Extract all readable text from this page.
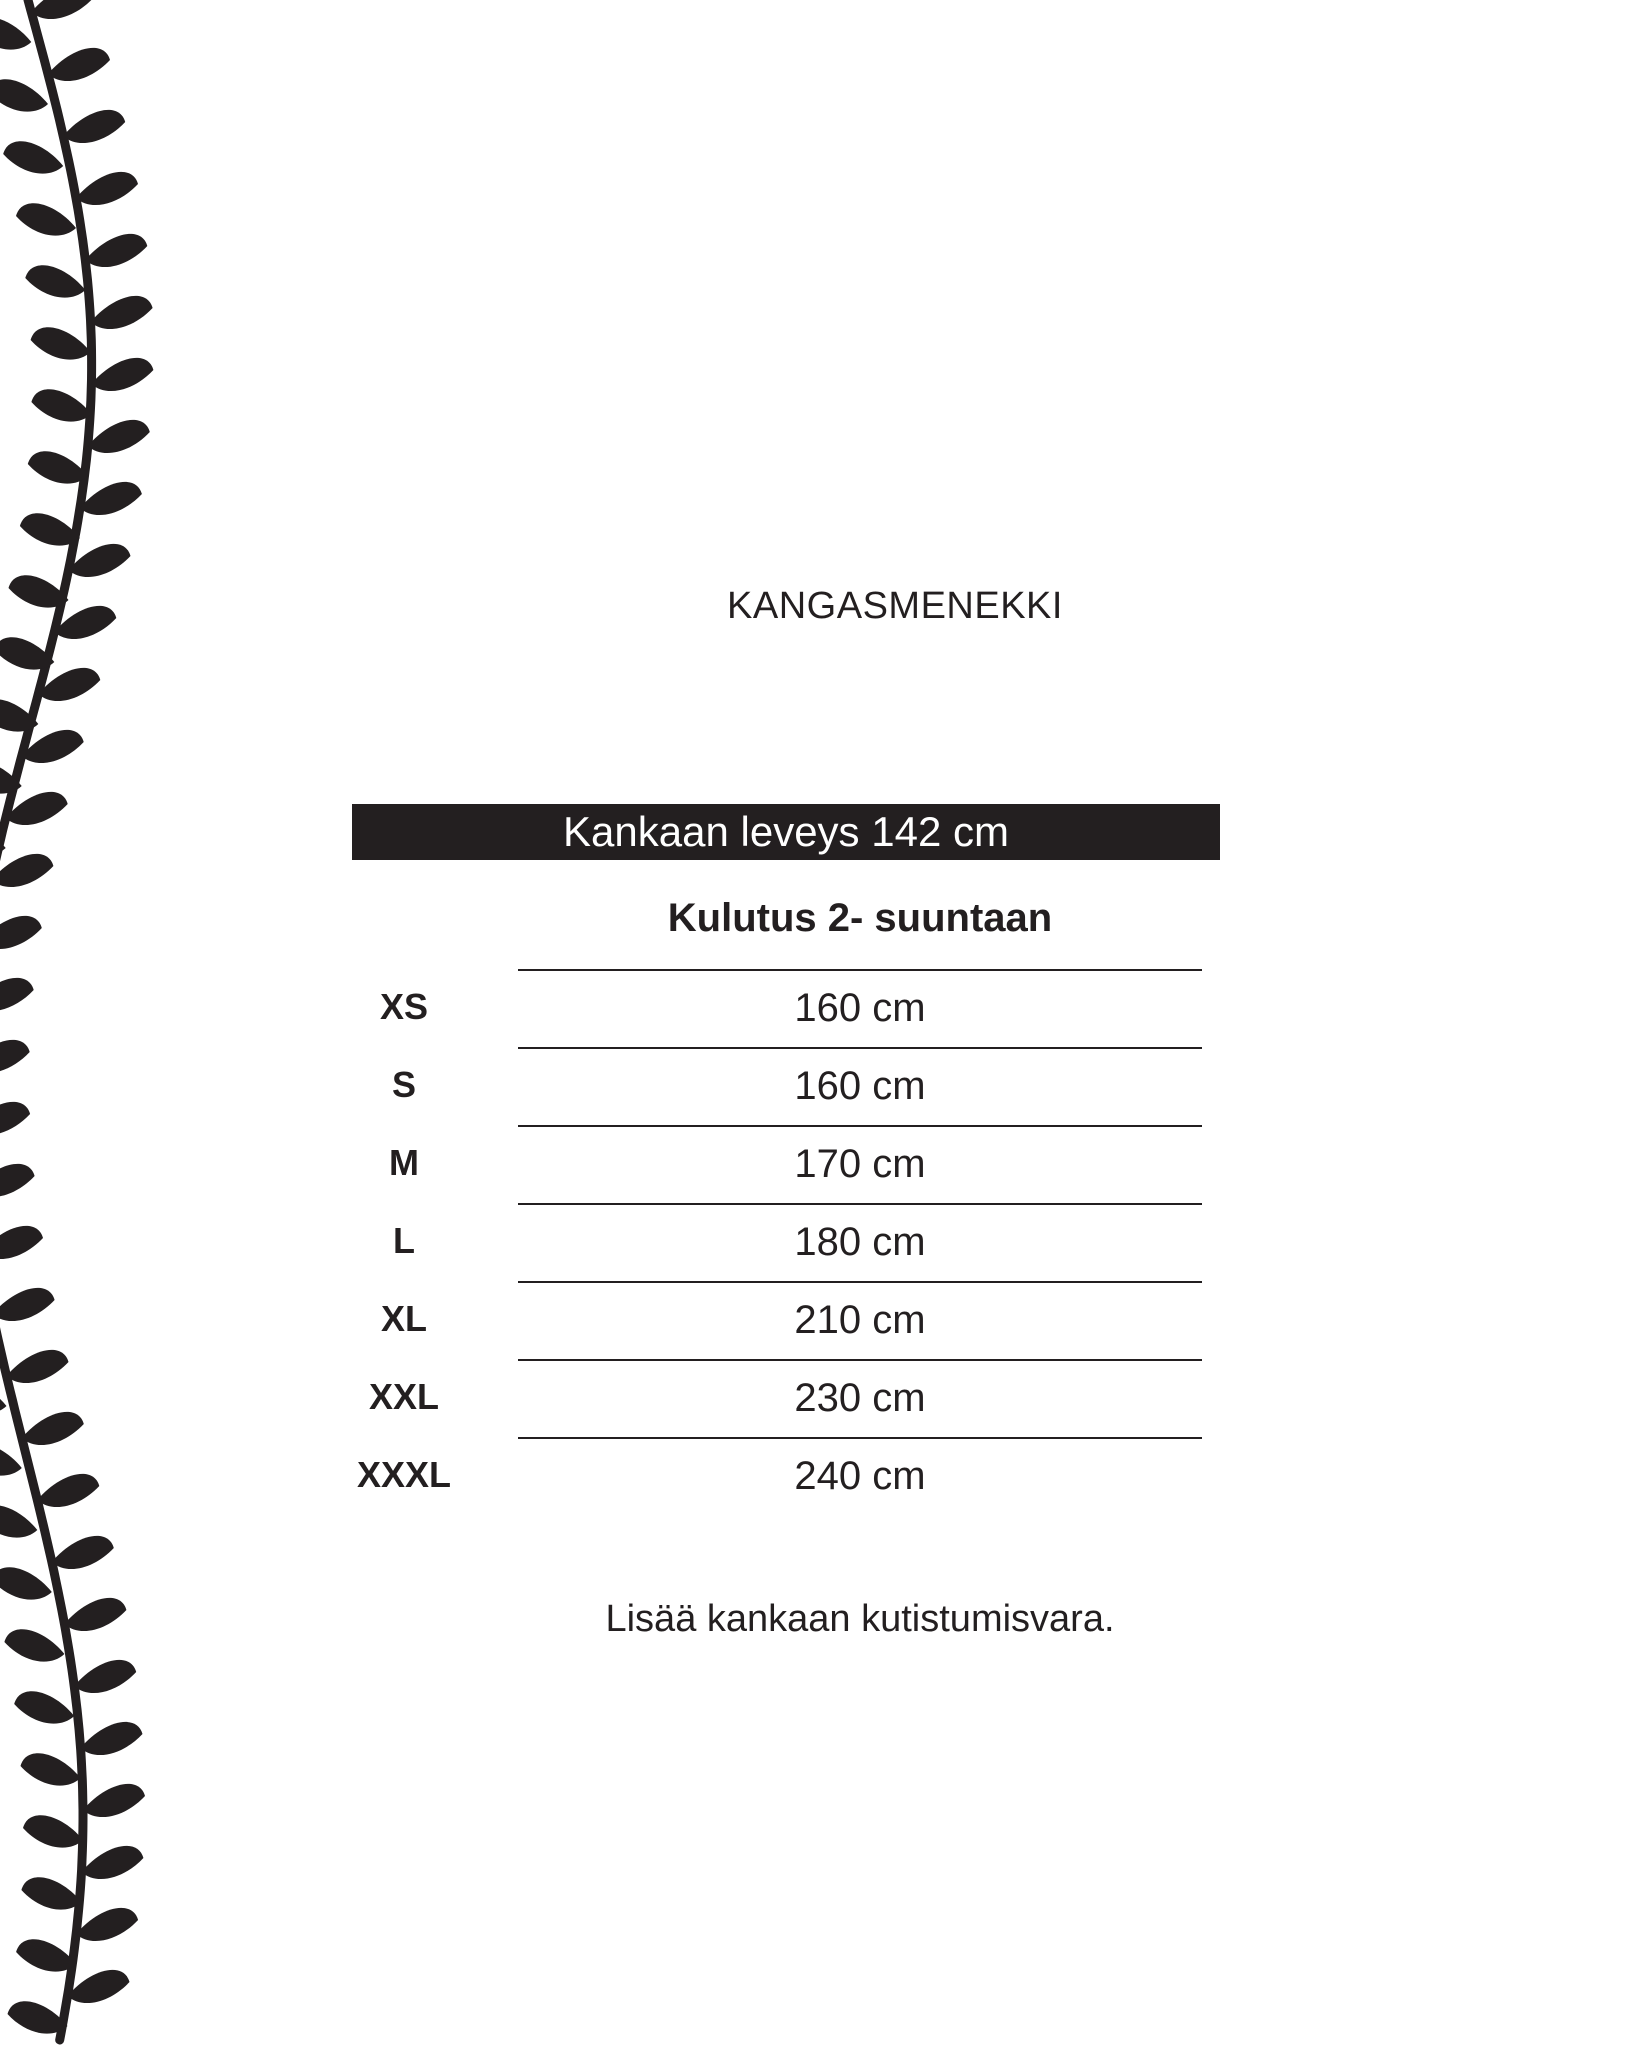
KANGASMENEKKI
Kankaan leveys 142 cm
Kulutus 2- suuntaan
XS	160 cm
S	160 cm
M	170 cm
L	180 cm
XL	210 cm
XXL	230 cm
XXXL	240 cm
Lisää kankaan kutistumisvara.
